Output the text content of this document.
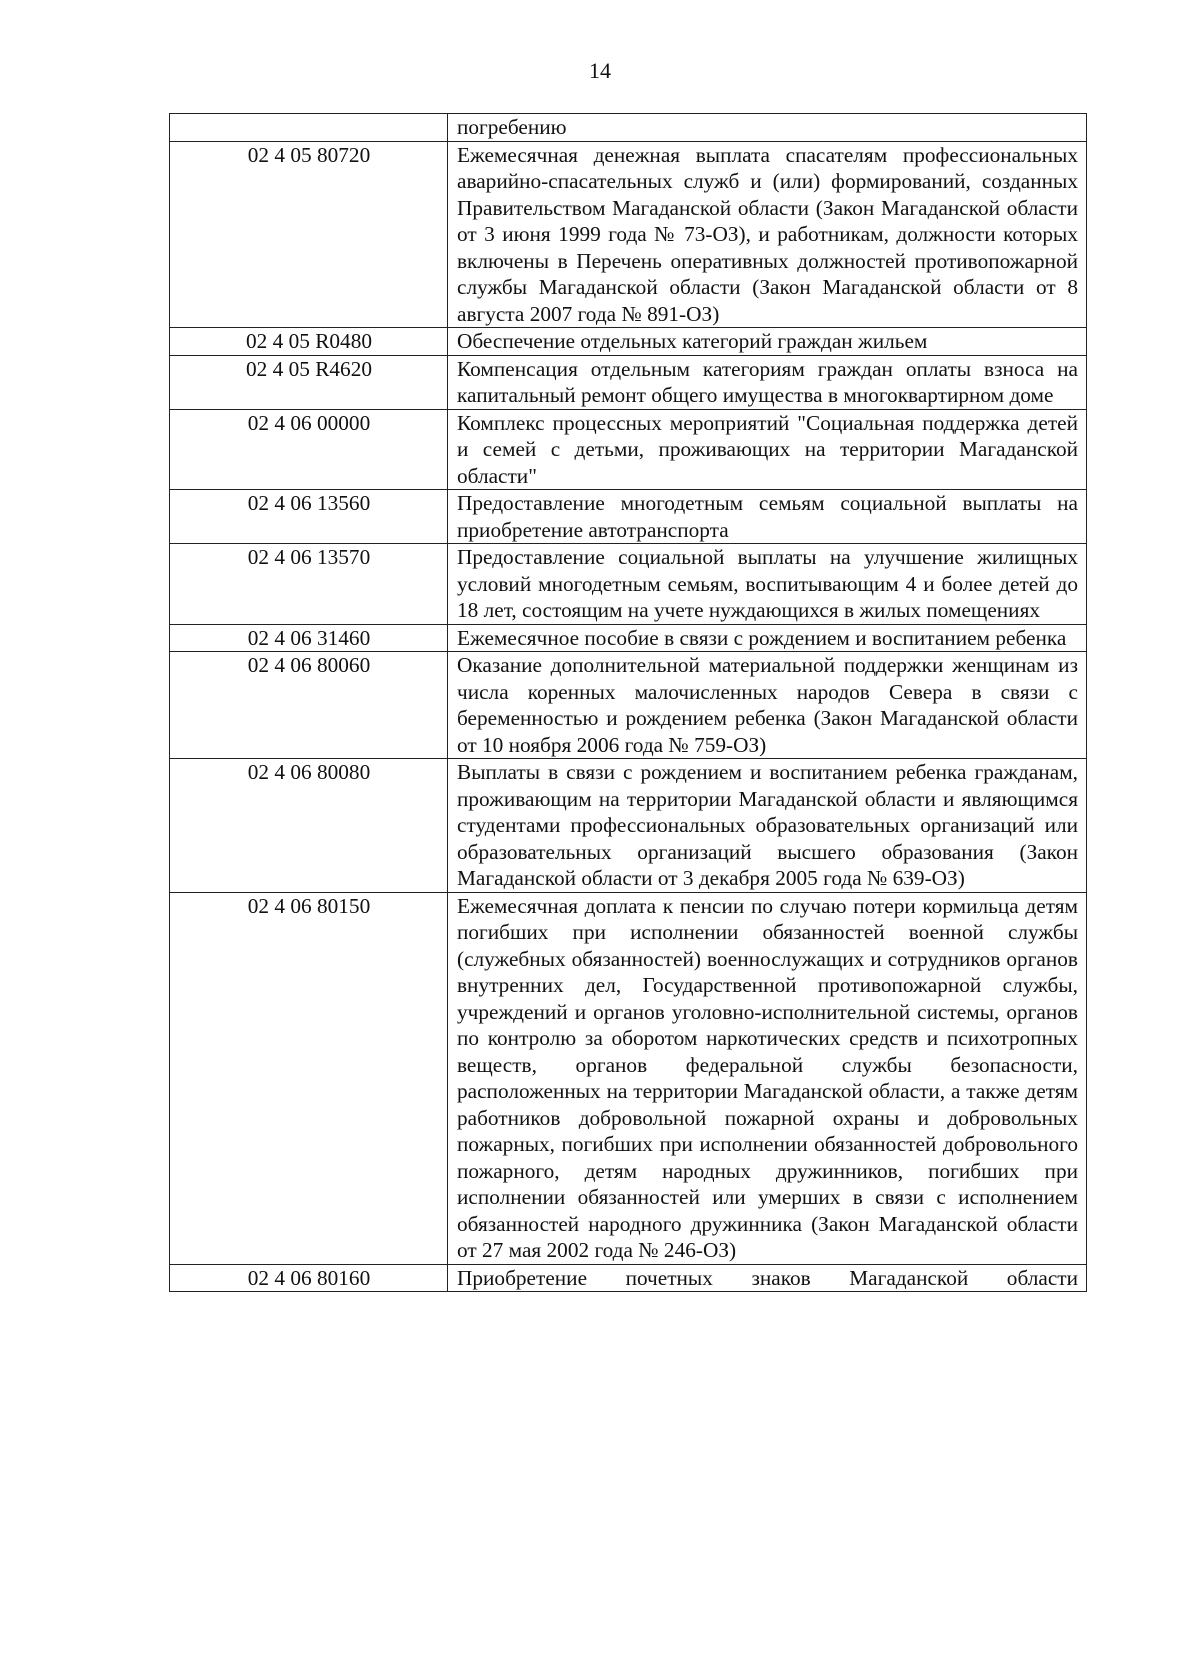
14
	погребению
02 4 05 80720	Ежемесячная денежная выплата спасателям профессиональных аварийно-спасательных служб и (или) формирований, созданных Правительством Магаданской области (Закон Магаданской области от 3 июня 1999 года № 73-ОЗ), и работникам, должности которых включены в Перечень оперативных должностей противопожарной службы Магаданской области (Закон Магаданской области от 8 августа 2007 года № 891-ОЗ)
02 4 05 R0480	Обеспечение отдельных категорий граждан жильем
02 4 05 R4620	Компенсация отдельным категориям граждан оплаты взноса на капитальный ремонт общего имущества в многоквартирном доме
02 4 06 00000	Комплекс процессных мероприятий "Социальная поддержка детей и семей с детьми, проживающих на территории Магаданской области"
02 4 06 13560	Предоставление многодетным семьям социальной выплаты на приобретение автотранспорта
02 4 06 13570	Предоставление социальной выплаты на улучшение жилищных условий многодетным семьям, воспитывающим 4 и более детей до 18 лет, состоящим на учете нуждающихся в жилых помещениях
02 4 06 31460	Ежемесячное пособие в связи с рождением и воспитанием ребенка
02 4 06 80060	Оказание дополнительной материальной поддержки женщинам из числа коренных малочисленных народов Севера в связи с беременностью и рождением ребенка (Закон Магаданской области от 10 ноября 2006 года № 759-ОЗ)
02 4 06 80080	Выплаты в связи с рождением и воспитанием ребенка гражданам, проживающим на территории Магаданской области и являющимся студентами профессиональных образовательных организаций или образовательных организаций высшего образования (Закон Магаданской области от 3 декабря 2005 года № 639-ОЗ)
02 4 06 80150	Ежемесячная доплата к пенсии по случаю потери кормильца детям погибших при исполнении обязанностей военной службы (служебных обязанностей) военнослужащих и сотрудников органов внутренних дел, Государственной противопожарной службы, учреждений и органов уголовно-исполнительной системы, органов по контролю за оборотом наркотических средств и психотропных веществ, органов федеральной службы безопасности, расположенных на территории Магаданской области, а также детям работников добровольной пожарной охраны и добровольных пожарных, погибших при исполнении обязанностей добровольного пожарного, детям народных дружинников, погибших при исполнении обязанностей или умерших в связи с исполнением обязанностей народного дружинника (Закон Магаданской области от 27 мая 2002 года № 246-ОЗ)
02 4 06 80160	Приобретение почетных знаков Магаданской области
